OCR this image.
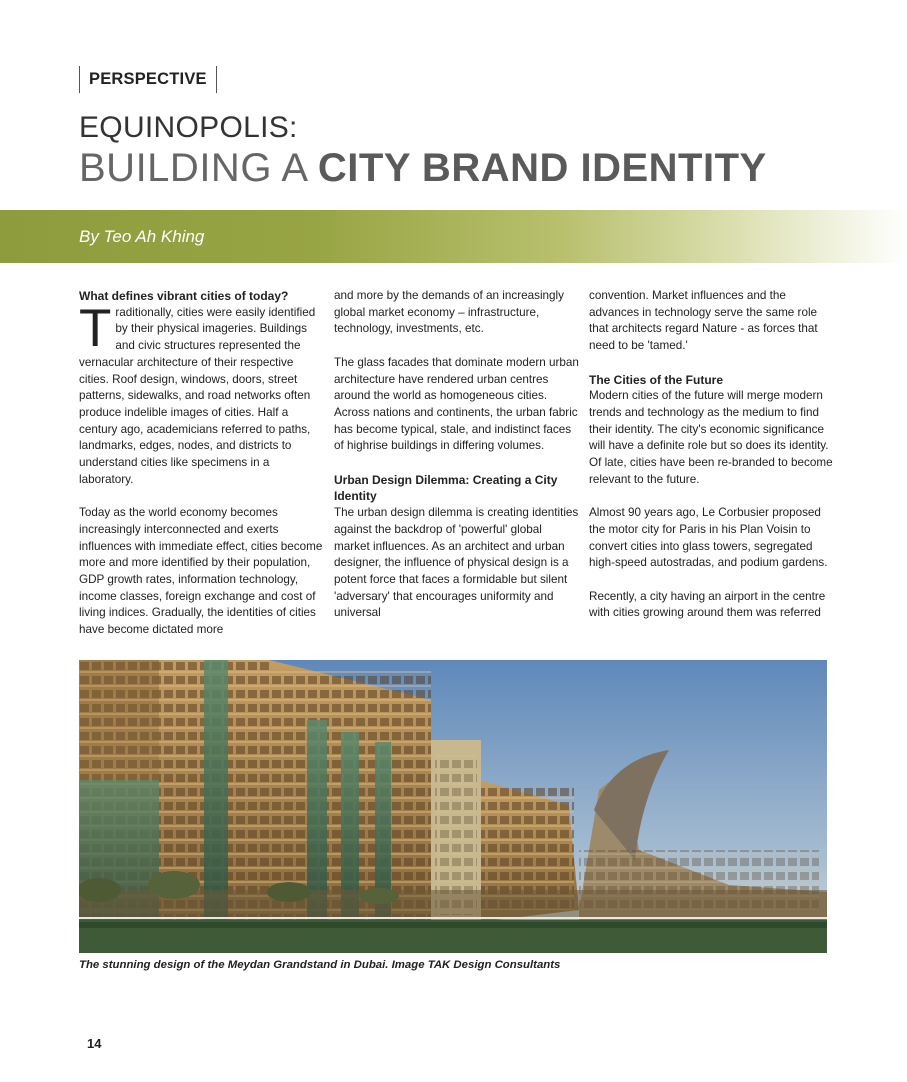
PERSPECTIVE
EQUINOPOLIS:
BUILDING A CITY BRAND IDENTITY
By Teo Ah Khing
What defines vibrant cities of today?

Traditionally, cities were easily identified by their physical imageries. Buildings and civic structures represented the vernacular architecture of their respective cities. Roof design, windows, doors, street patterns, sidewalks, and road networks often produce indelible images of cities. Half a century ago, academicians referred to paths, landmarks, edges, nodes, and districts to understand cities like specimens in a laboratory.

Today as the world economy becomes increasingly interconnected and exerts influences with immediate effect, cities become more and more identified by their population, GDP growth rates, information technology, income classes, foreign exchange and cost of living indices. Gradually, the identities of cities have become dictated more

and more by the demands of an increasingly global market economy – infrastructure, technology, investments, etc.

The glass facades that dominate modern urban architecture have rendered urban centres around the world as homogeneous cities. Across nations and continents, the urban fabric has become typical, stale, and indistinct faces of highrise buildings in differing volumes.

Urban Design Dilemma: Creating a City Identity

The urban design dilemma is creating identities against the backdrop of 'powerful' global market influences. As an architect and urban designer, the influence of physical design is a potent force that faces a formidable but silent 'adversary' that encourages uniformity and universal

convention. Market influences and the advances in technology serve the same role that architects regard Nature - as forces that need to be 'tamed.'

The Cities of the Future

Modern cities of the future will merge modern trends and technology as the medium to find their identity. The city's economic significance will have a definite role but so does its identity. Of late, cities have been re-branded to become relevant to the future.

Almost 90 years ago, Le Corbusier proposed the motor city for Paris in his Plan Voisin to convert cities into glass towers, segregated high-speed autostradas, and podium gardens.

Recently, a city having an airport in the centre with cities growing around them was referred

The stunning design of the Meydan Grandstand in Dubai. Image TAK Design Consultants
14
